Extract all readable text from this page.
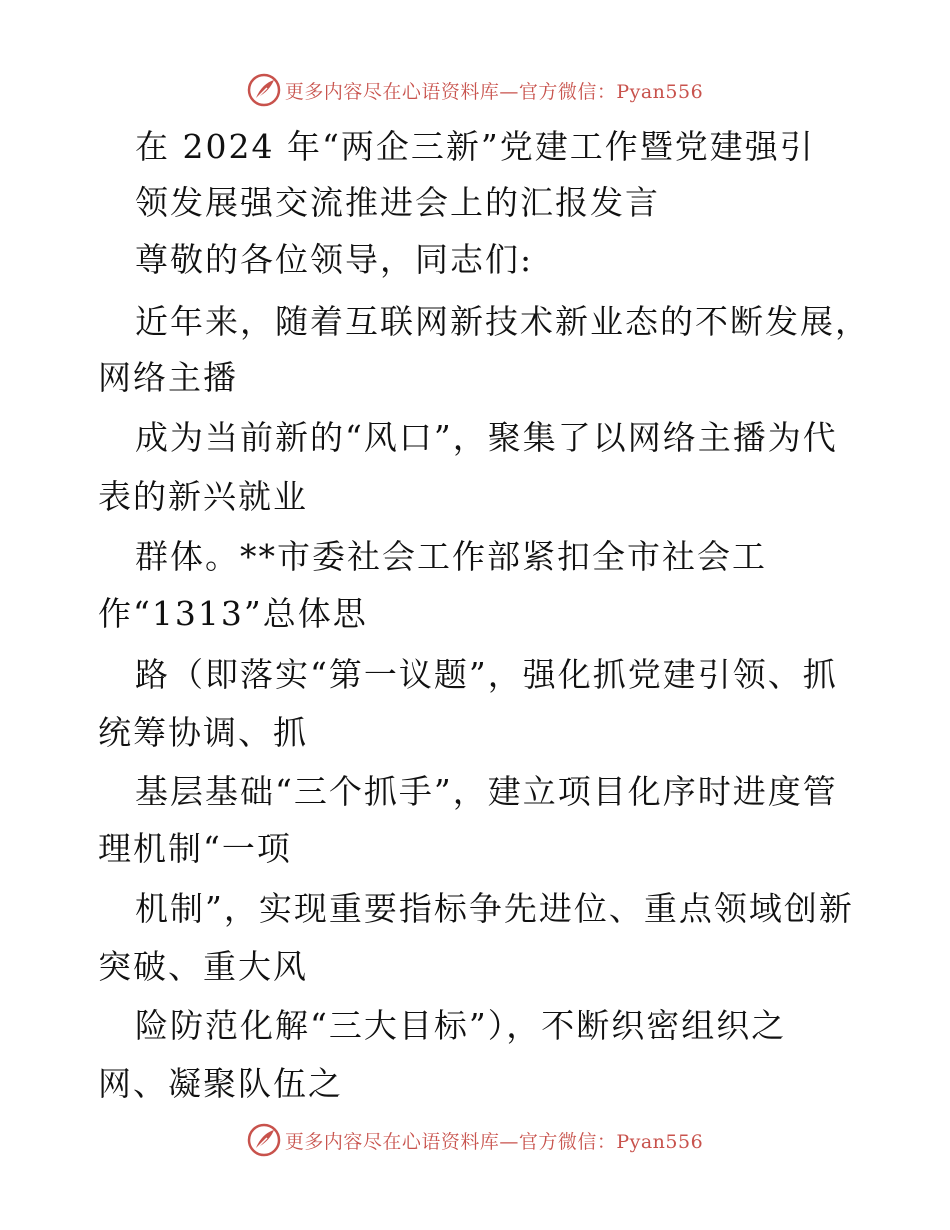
更多内容尽在心语资料库—官方微信：Pyan556
在 2024 年“两企三新”党建工作暨党建强引
领发展强交流推进会上的汇报发言
尊敬的各位领导，同志们:
近年来，随着互联网新技术新业态的不断发展，
网络主播
成为当前新的“风口”，聚集了以网络主播为代
表的新兴就业
群体。**市委社会工作部紧扣全市社会工
作“1313”总体思
路（即落实“第一议题”，强化抓党建引领、抓
统筹协调、抓
基层基础“三个抓手”，建立项目化序时进度管
理机制“一项
机制”，实现重要指标争先进位、重点领域创新
突破、重大风
险防范化解“三大目标”），不断织密组织之
网、凝聚队伍之
更多内容尽在心语资料库—官方微信：Pyan556
